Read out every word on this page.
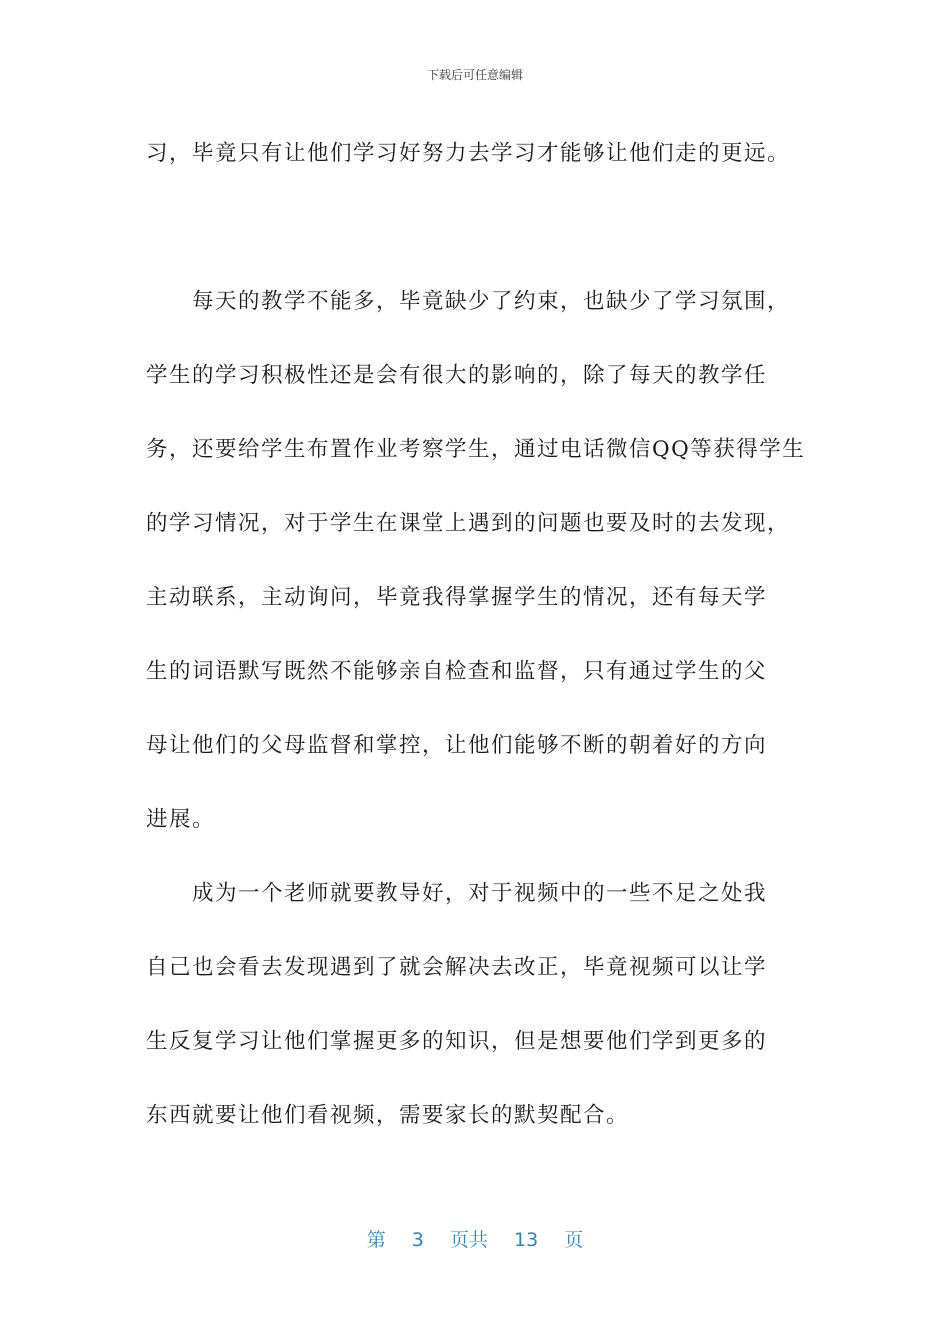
下载后可任意编辑
习，毕竟只有让他们学习好努力去学习才能够让他们走的更远。
　　每天的教学不能多，毕竟缺少了约束，也缺少了学习氛围，
学生的学习积极性还是会有很大的影响的，除了每天的教学任
务，还要给学生布置作业考察学生，通过电话微信QQ等获得学生
的学习情况，对于学生在课堂上遇到的问题也要及时的去发现，
主动联系，主动询问，毕竟我得掌握学生的情况，还有每天学
生的词语默写既然不能够亲自检查和监督，只有通过学生的父
母让他们的父母监督和掌控，让他们能够不断的朝着好的方向
进展。
　　成为一个老师就要教导好，对于视频中的一些不足之处我
自己也会看去发现遇到了就会解决去改正，毕竟视频可以让学
生反复学习让他们掌握更多的知识，但是想要他们学到更多的
东西就要让他们看视频，需要家长的默契配合。
第 3 页共 13 页
